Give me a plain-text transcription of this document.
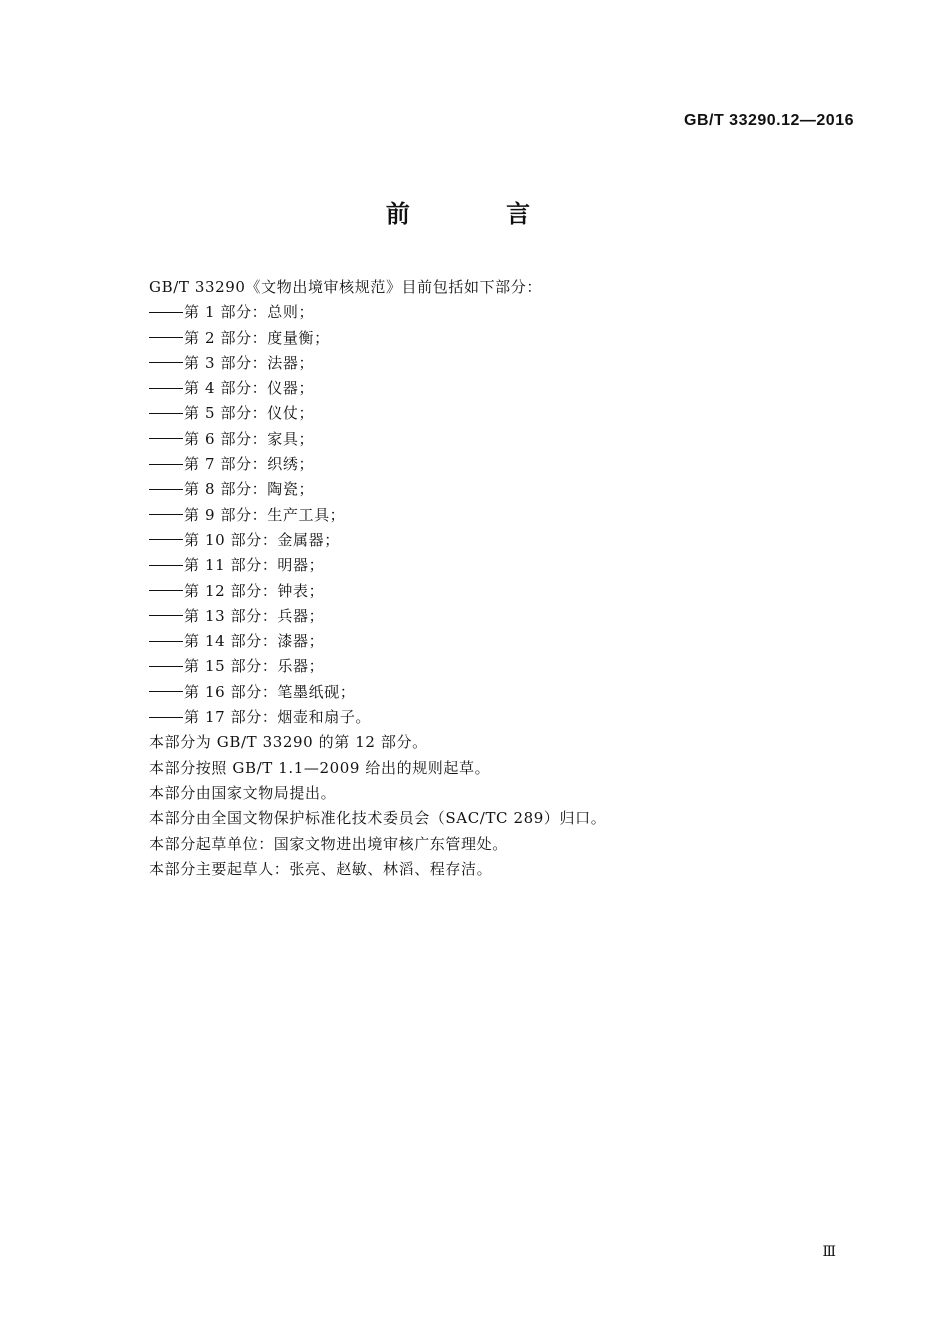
GB/T 33290.12—2016
前 言
GB/T 33290《文物出境审核规范》目前包括如下部分：
第 1 部分：总则；
第 2 部分：度量衡；
第 3 部分：法器；
第 4 部分：仪器；
第 5 部分：仪仗；
第 6 部分：家具；
第 7 部分：织绣；
第 8 部分：陶瓷；
第 9 部分：生产工具；
第 10 部分：金属器；
第 11 部分：明器；
第 12 部分：钟表；
第 13 部分：兵器；
第 14 部分：漆器；
第 15 部分：乐器；
第 16 部分：笔墨纸砚；
第 17 部分：烟壶和扇子。
本部分为 GB/T 33290 的第 12 部分。
本部分按照 GB/T 1.1—2009 给出的规则起草。
本部分由国家文物局提出。
本部分由全国文物保护标准化技术委员会（SAC/TC 289）归口。
本部分起草单位：国家文物进出境审核广东管理处。
本部分主要起草人：张亮、赵敏、林滔、程存洁。
Ⅲ
